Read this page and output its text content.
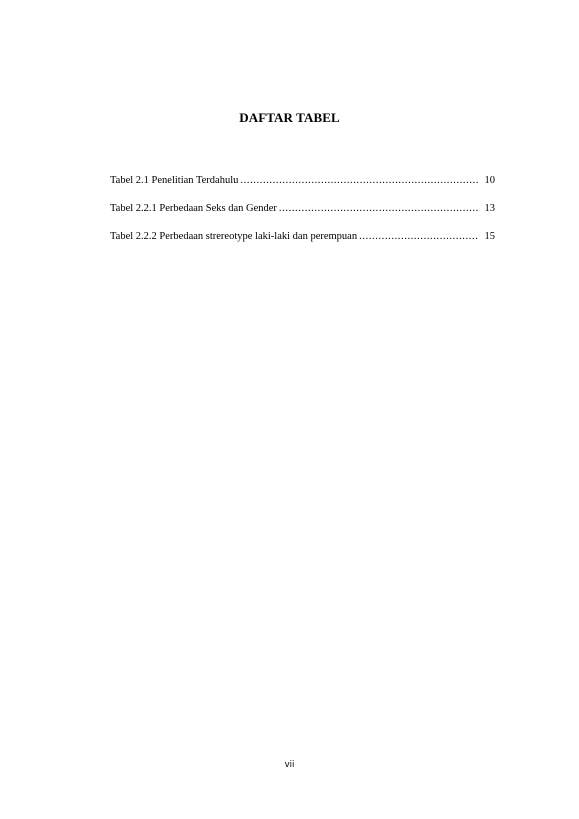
DAFTAR TABEL
Tabel 2.1 Penelitian Terdahulu .....	10
Tabel 2.2.1 Perbedaan Seks dan Gender .....	13
Tabel 2.2.2 Perbedaan strereotype laki-laki dan perempuan .....	15
vii
